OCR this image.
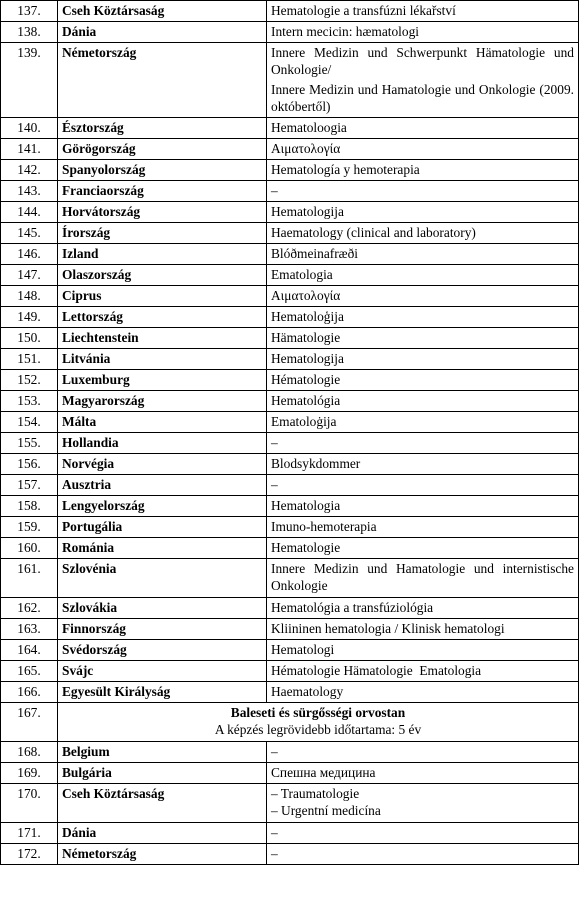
137.	Cseh Köztársaság	Hematologie a transfúzni lékařství

138.	Dánia	Intern mecicin: hæmatologi

139.	Németország	Innere Medizin und Schwerpunkt Hämatologie und Onkologie/

Innere Medizin und Hamatologie und Onkologie (2009. októbertől)

140.	Észtország	Hematoloogia

141.	Görögország	Αιματολογία

142.	Spanyolország	Hematología y hemoterapia

143.	Franciaország	–

144.	Horvátország	Hematologija

145.	Írország	Haematology (clinical and laboratory)

146.	Izland	Blóðmeinafræði

147.	Olaszország	Ematologia

148.	Ciprus	Αιματολογία

149.	Lettország	Hematoloģija

150.	Liechtenstein	Hämatologie

151.	Litvánia	Hematologija

152.	Luxemburg	Hématologie

153.	Magyarország	Hematológia

154.	Málta	Ematoloġija

155.	Hollandia	–

156.	Norvégia	Blodsykdommer

157.	Ausztria	–

158.	Lengyelország	Hematologia

159.	Portugália	Imuno-hemoterapia

160.	Románia	Hematologie

161.	Szlovénia	Innere Medizin und Hamatologie und internistische Onkologie

162.	Szlovákia	Hematológia a transfúziológia

163.	Finnország	Kliininen hematologia / Klinisk hematologi

164.	Svédország	Hematologi

165.	Svájc	Hématologie Hämatologie  Ematologia

166.	Egyesült Királyság	Haematology

167.	Baleseti és sürgősségi orvostan
A képzés legrövidebb időtartama: 5 év	

168.	Belgium	–

169.	Bulgária	Спешна медицина

170.	Cseh Köztársaság	– Traumatologie

– Urgentní medicína

171.	Dánia	–

172.	Németország	–
